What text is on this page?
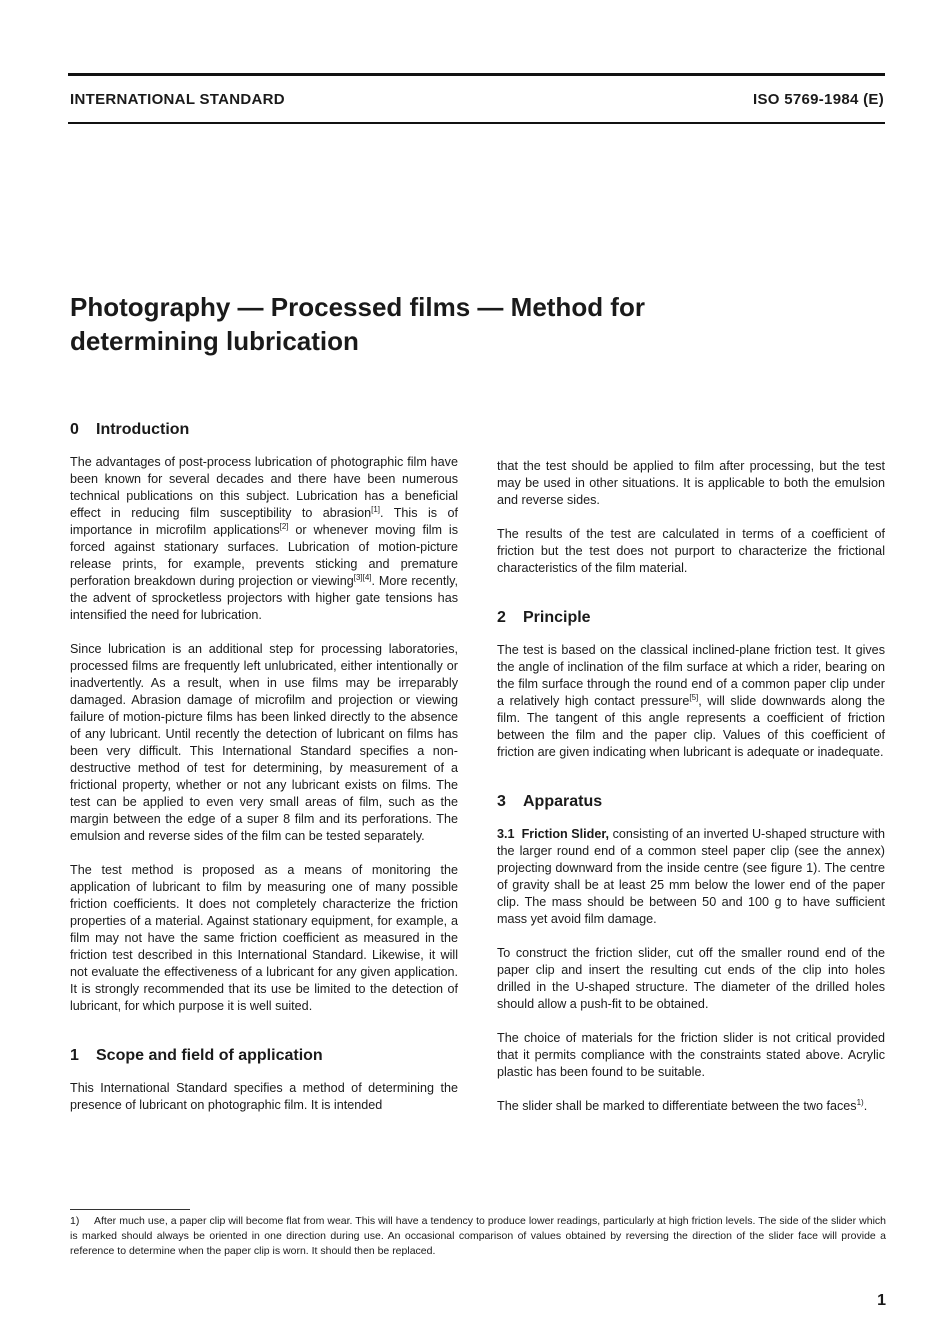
INTERNATIONAL STANDARD	ISO 5769-1984 (E)
Photography — Processed films — Method for
determining lubrication
0 Introduction

The advantages of post-process lubrication of photographic film have been known for several decades and there have been numerous technical publications on this subject. Lubrication has a beneficial effect in reducing film susceptibility to abrasion[1]. This is of importance in microfilm applications[2] or whenever moving film is forced against stationary surfaces. Lubrication of motion-picture release prints, for example, prevents sticking and premature perforation breakdown during projection or viewing[3][4]. More recently, the advent of sprocketless projectors with higher gate tensions has intensified the need for lubrication.

Since lubrication is an additional step for processing laboratories, processed films are frequently left unlubricated, either intentionally or inadvertently. As a result, when in use films may be irreparably damaged. Abrasion damage of microfilm and projection or viewing failure of motion-picture films has been linked directly to the absence of any lubricant. Until recently the detection of lubricant on films has been very difficult. This International Standard specifies a non-destructive method of test for determining, by measurement of a frictional property, whether or not any lubricant exists on films. The test can be applied to even very small areas of film, such as the margin between the edge of a super 8 film and its perforations. The emulsion and reverse sides of the film can be tested separately.

The test method is proposed as a means of monitoring the application of lubricant to film by measuring one of many possible friction coefficients. It does not completely characterize the friction properties of a material. Against stationary equipment, for example, a film may not have the same friction coefficient as measured in the friction test described in this International Standard. Likewise, it will not evaluate the effectiveness of a lubricant for any given application. It is strongly recommended that its use be limited to the detection of lubricant, for which purpose it is well suited.

1 Scope and field of application

This International Standard specifies a method of determining the presence of lubricant on photographic film. It is intended

that the test should be applied to film after processing, but the test may be used in other situations. It is applicable to both the emulsion and reverse sides.

The results of the test are calculated in terms of a coefficient of friction but the test does not purport to characterize the frictional characteristics of the film material.

2 Principle

The test is based on the classical inclined-plane friction test. It gives the angle of inclination of the film surface at which a rider, bearing on the film surface through the round end of a common paper clip under a relatively high contact pressure[5], will slide downwards along the film. The tangent of this angle represents a coefficient of friction between the film and the paper clip. Values of this coefficient of friction are given indicating when lubricant is adequate or inadequate.

3 Apparatus

3.1 Friction Slider, consisting of an inverted U-shaped structure with the larger round end of a common steel paper clip (see the annex) projecting downward from the inside centre (see figure 1). The centre of gravity shall be at least 25 mm below the lower end of the paper clip. The mass should be between 50 and 100 g to have sufficient mass yet avoid film damage.

To construct the friction slider, cut off the smaller round end of the paper clip and insert the resulting cut ends of the clip into holes drilled in the U-shaped structure. The diameter of the drilled holes should allow a push-fit to be obtained.

The choice of materials for the friction slider is not critical provided that it permits compliance with the constraints stated above. Acrylic plastic has been found to be suitable.

The slider shall be marked to differentiate between the two faces$^{1)}$.

1) After much use, a paper clip will become flat from wear. This will have a tendency to produce lower readings, particularly at high friction levels. The side of the slider which is marked should always be oriented in one direction during use. An occasional comparison of values obtained by reversing the direction of the slider face will provide a reference to determine when the paper clip is worn. It should then be replaced.

1
